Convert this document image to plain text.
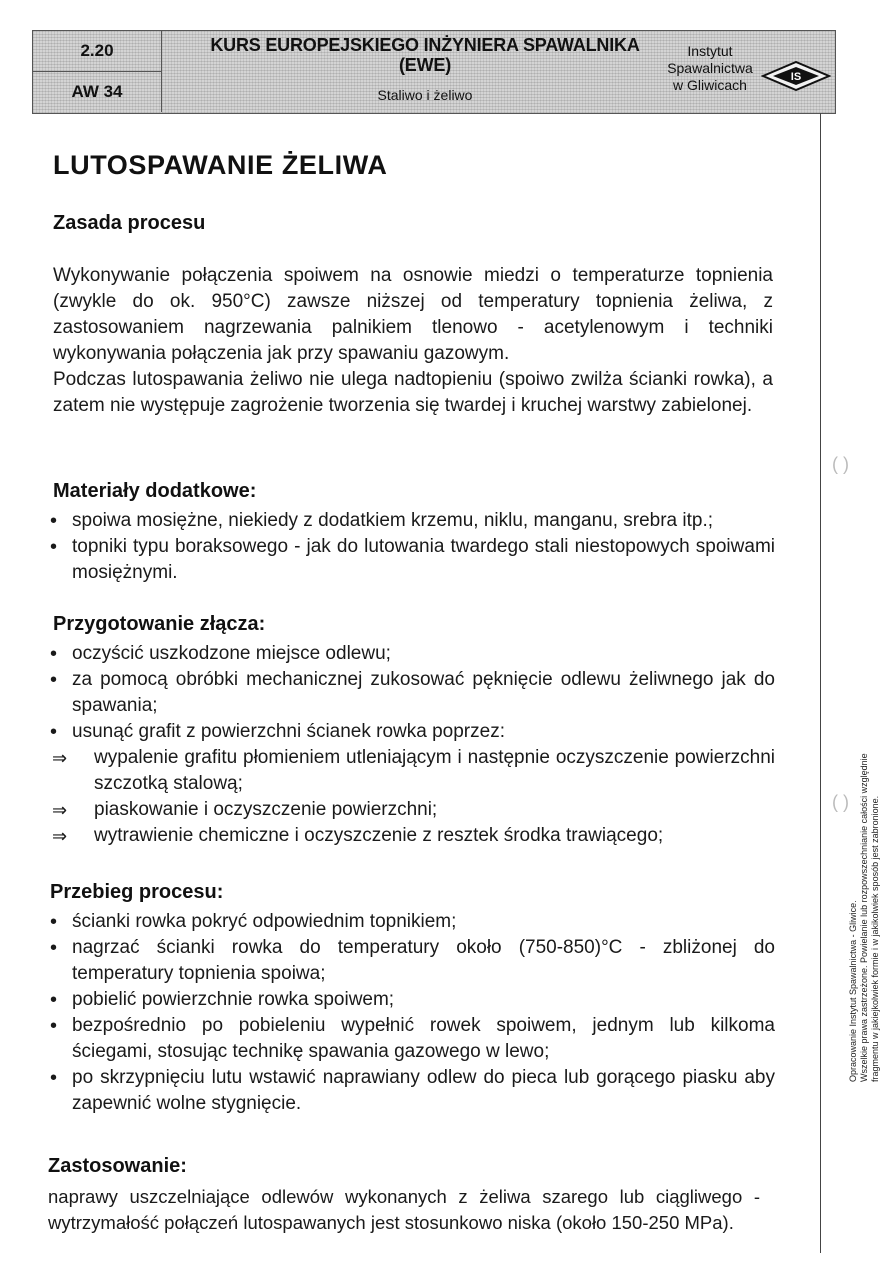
2.20
AW 34
KURS EUROPEJSKIEGO INŻYNIERA SPAWALNIKA
(EWE)
Staliwo i żeliwo
Instytut
Spawalnictwa
w Gliwicach	IS
( )
( )
Opracowanie Instytut Spawalnictwa - Gliwice. Wszelkie prawa zastrzeżone. Powielanie lub rozpowszechnianie całości względnie fragmentu w jakiejkolwiek formie i w jakikolwiek sposób jest zabronione.
LUTOSPAWANIE ŻELIWA
Zasada procesu

Wykonywanie połączenia spoiwem na osnowie miedzi o temperaturze topnienia (zwykle do ok. 950°C) zawsze niższej od temperatury topnienia żeliwa, z zastosowaniem nagrzewania palnikiem tlenowo - acetylenowym i techniki wykonywania połączenia jak przy spawaniu gazowym.

Podczas lutospawania żeliwo nie ulega nadtopieniu (spoiwo zwilża ścianki rowka), a zatem nie występuje zagrożenie tworzenia się twardej i kruchej warstwy zabielonej.

Materiały dodatkowe:
• spoiwa mosiężne, niekiedy z dodatkiem krzemu, niklu, manganu, srebra itp.;
• topniki typu boraksowego - jak do lutowania twardego stali niestopowych spoiwami mosiężnymi.
Przygotowanie złącza:
• oczyścić uszkodzone miejsce odlewu;
• za pomocą obróbki mechanicznej zukosować pęknięcie odlewu żeliwnego jak do spawania;
• usunąć grafit z powierzchni ścianek rowka poprzez:
⇒ wypalenie grafitu płomieniem utleniającym i następnie oczyszczenie powierzchni szczotką stalową;
⇒ piaskowanie i oczyszczenie powierzchni;
⇒ wytrawienie chemiczne i oczyszczenie z resztek środka trawiącego;
Przebieg procesu:
• ścianki rowka pokryć odpowiednim topnikiem;
• nagrzać ścianki rowka do temperatury około (750-850)°C - zbliżonej do temperatury topnienia spoiwa;
• pobielić powierzchnie rowka spoiwem;
• bezpośrednio po pobieleniu wypełnić rowek spoiwem, jednym lub kilkoma ściegami, stosując technikę spawania gazowego w lewo;
• po skrzypnięciu lutu wstawić naprawiany odlew do pieca lub gorącego piasku aby zapewnić wolne stygnięcie.
Zastosowanie:

naprawy uszczelniające odlewów wykonanych z żeliwa szarego lub ciągliwego - wytrzymałość połączeń lutospawanych jest stosunkowo niska (około 150-250 MPa).
